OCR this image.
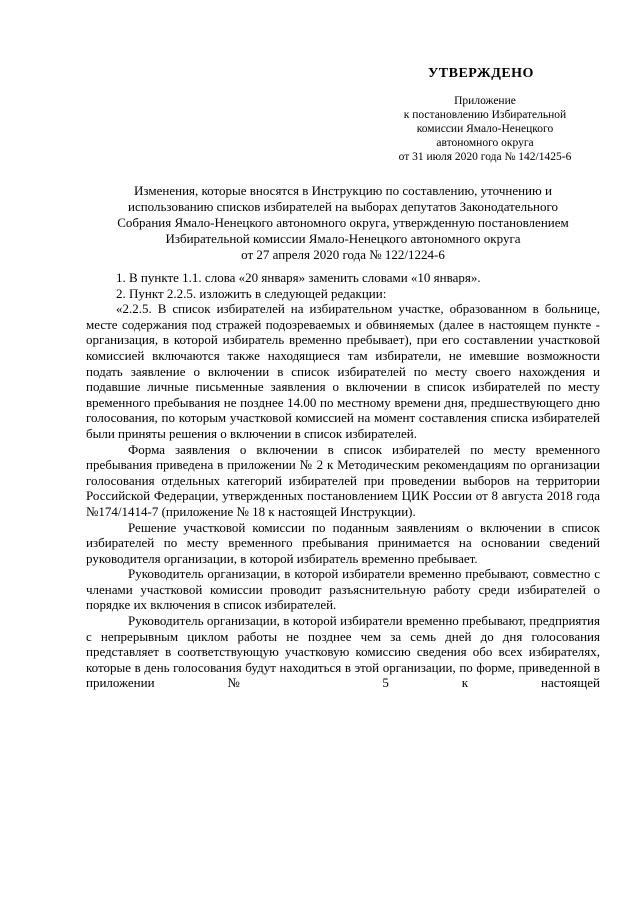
УТВЕРЖДЕНО
Приложение
к постановлению Избирательной
комиссии Ямало-Ненецкого
автономного округа
от 31 июля 2020 года № 142/1425-6
Изменения, которые вносятся в Инструкцию по составлению, уточнению и
использованию списков избирателей на выборах депутатов Законодательного
Собрания Ямало-Ненецкого автономного округа, утвержденную постановлением
Избирательной комиссии Ямало-Ненецкого автономного округа
от 27 апреля 2020 года № 122/1224-6

1. В пункте 1.1. слова «20 января» заменить словами «10 января».

2. Пункт 2.2.5. изложить в следующей редакции:

«2.2.5. В список избирателей на избирательном участке, образованном в больнице, месте содержания под стражей подозреваемых и обвиняемых (далее в настоящем пункте - организация, в которой избиратель временно пребывает), при его составлении участковой комиссией включаются также находящиеся там избиратели, не имевшие возможности подать заявление о включении в список избирателей по месту своего нахождения и подавшие личные письменные заявления о включении в список избирателей по месту временного пребывания не позднее 14.00 по местному времени дня, предшествующего дню голосования, по которым участковой комиссией на момент составления списка избирателей были приняты решения о включении в список избирателей.

Форма заявления о включении в список избирателей по месту временного пребывания приведена в приложении № 2 к Методическим рекомендациям по организации голосования отдельных категорий избирателей при проведении выборов на территории Российской Федерации, утвержденных постановлением ЦИК России от 8 августа 2018 года №174/1414-7 (приложение № 18 к настоящей Инструкции).

Решение участковой комиссии по поданным заявлениям о включении в список избирателей по месту временного пребывания принимается на основании сведений руководителя организации, в которой избиратель временно пребывает.

Руководитель организации, в которой избиратели временно пребывают, совместно с членами участковой комиссии проводит разъяснительную работу среди избирателей о порядке их включения в список избирателей.

Руководитель организации, в которой избиратели временно пребывают, предприятия с непрерывным циклом работы не позднее чем за семь дней до дня голосования представляет в соответствующую участковую комиссию сведения обо всех избирателях, которые в день голосования будут находиться в этой организации, по форме, приведенной в приложении № 5 к настоящей
